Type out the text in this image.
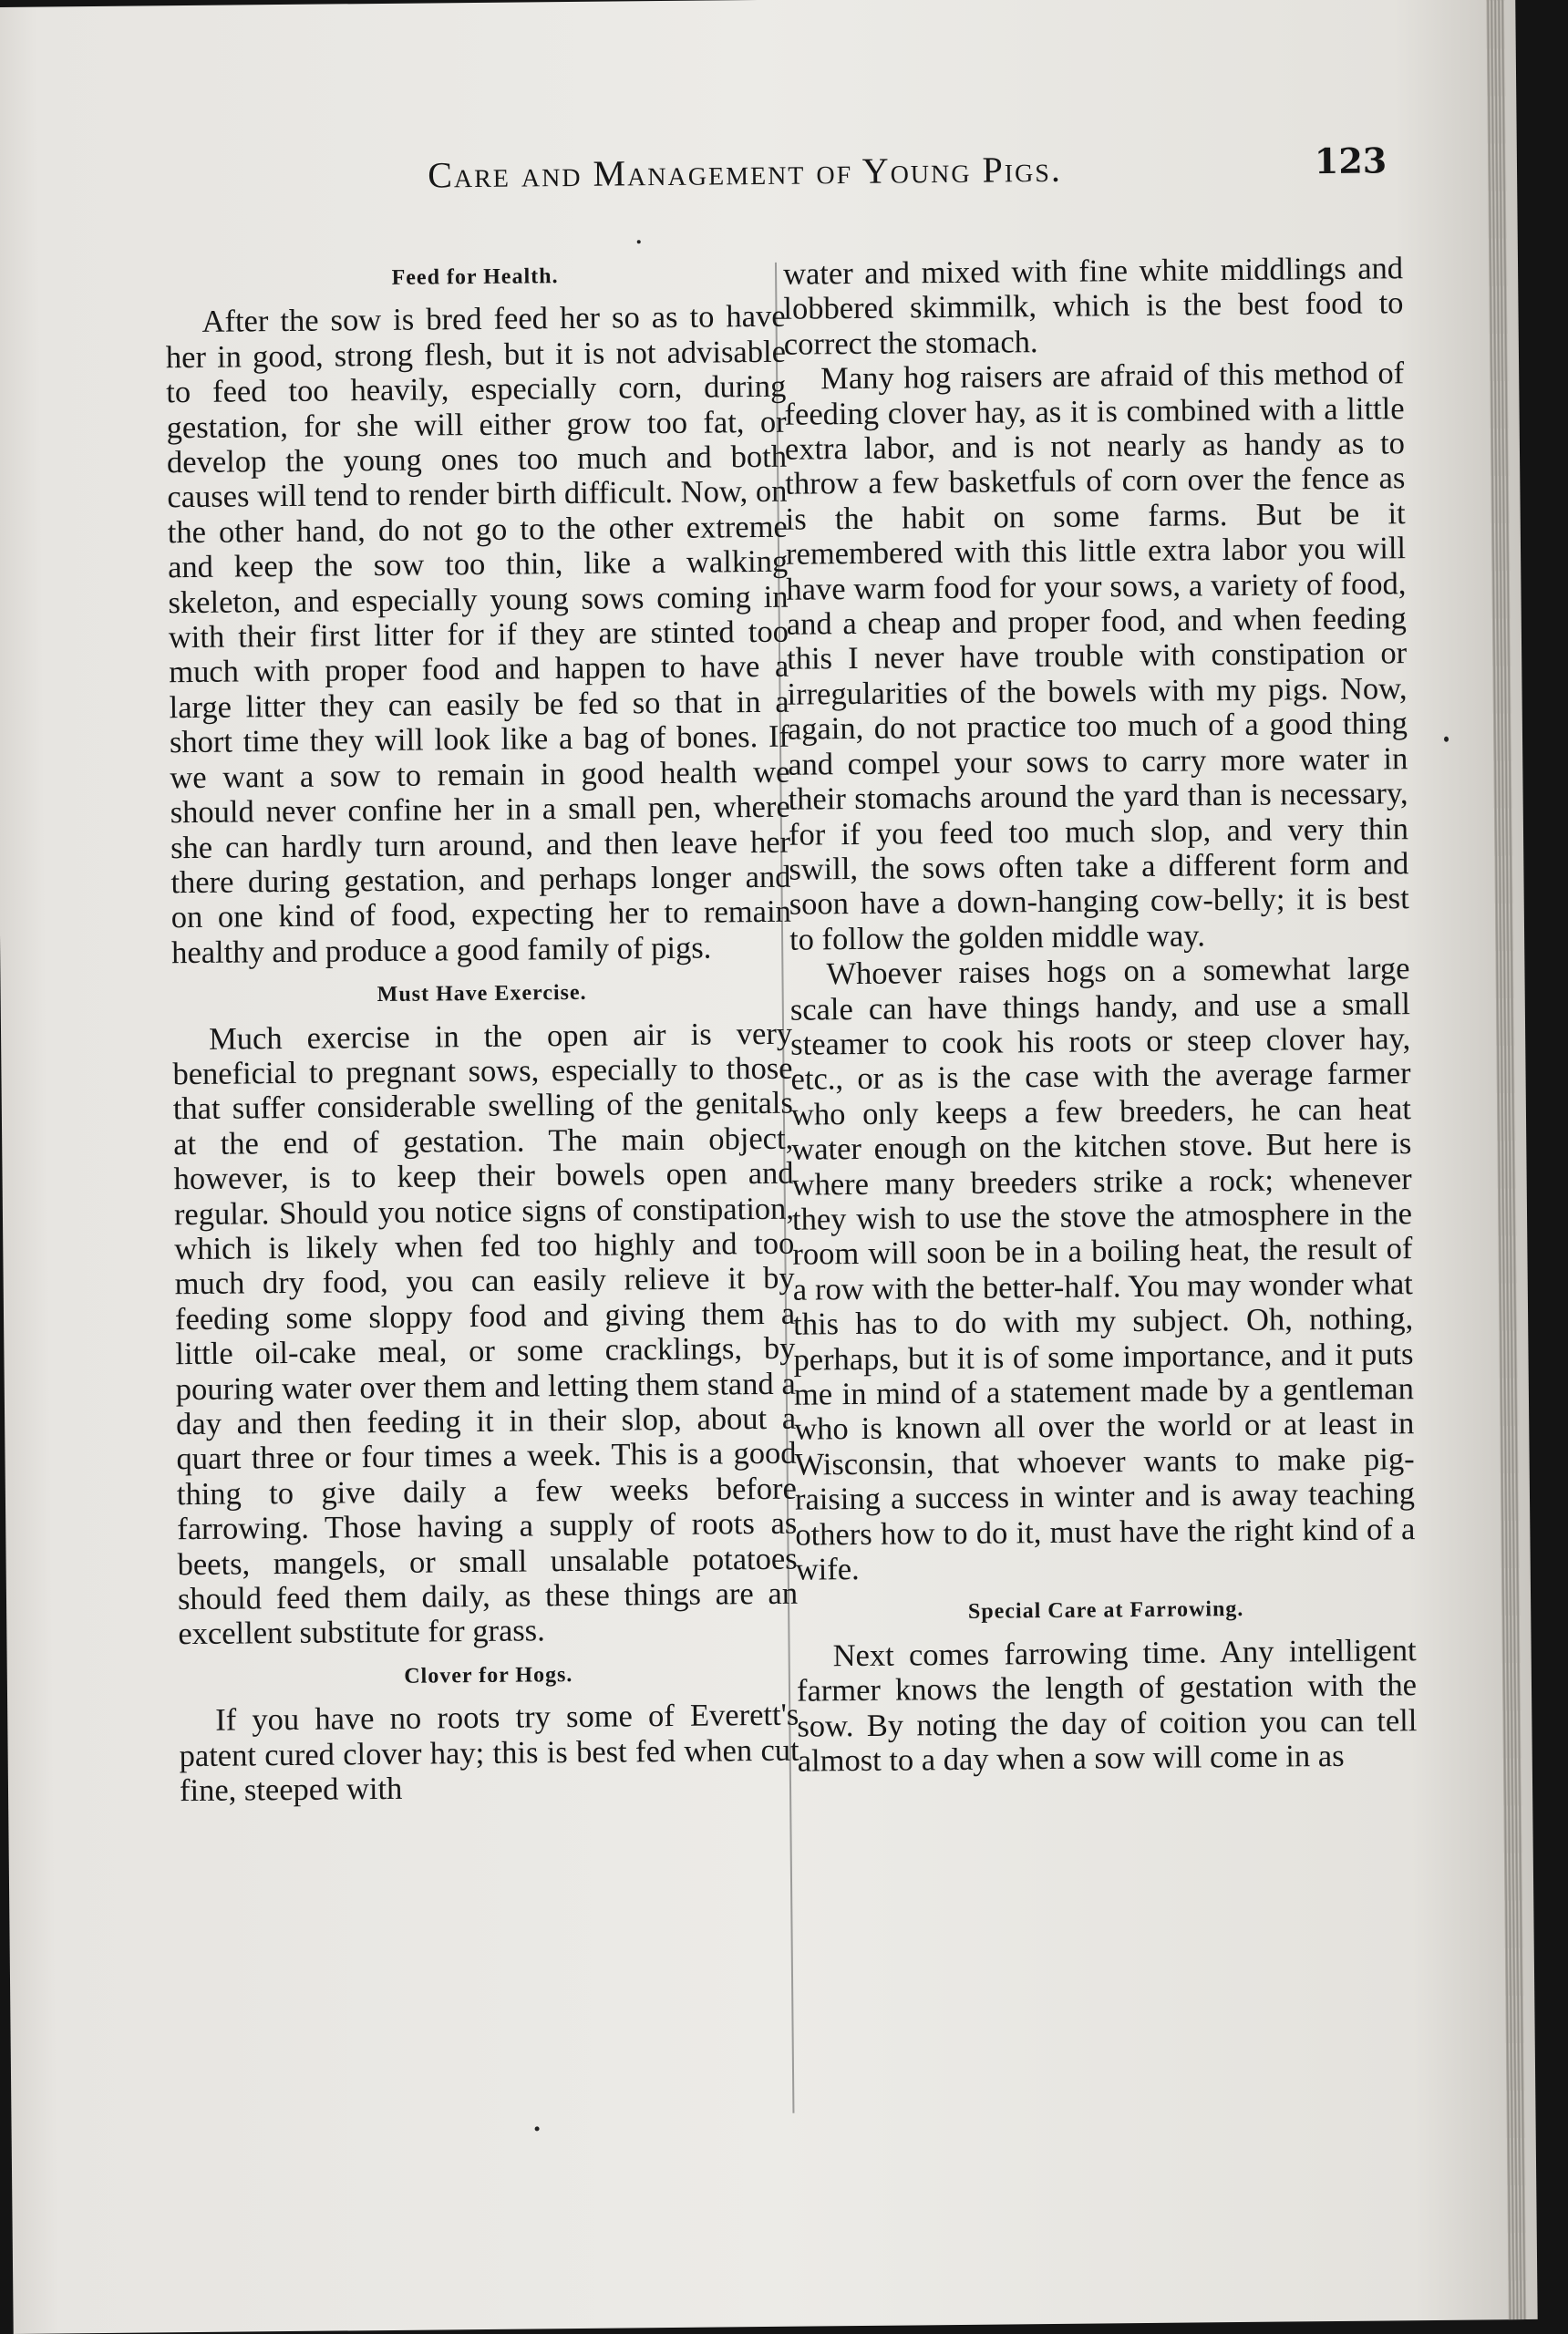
Care and Management of Young Pigs.	123
Feed for Health.

After the sow is bred feed her so as to have her in good, strong flesh, but it is not advisable to feed too heavily, especially corn, during gestation, for she will either grow too fat, or develop the young ones too much and both causes will tend to render birth difficult. Now, on the other hand, do not go to the other extreme and keep the sow too thin, like a walking skeleton, and especially young sows coming in with their first litter for if they are stinted too much with proper food and happen to have a large litter they can easily be fed so that in a short time they will look like a bag of bones. If we want a sow to remain in good health we should never confine her in a small pen, where she can hardly turn around, and then leave her there during gestation, and perhaps longer and on one kind of food, expecting her to remain healthy and produce a good family of pigs.

Must Have Exercise.

Much exercise in the open air is very beneficial to pregnant sows, especially to those that suffer considerable swelling of the genitals at the end of gestation. The main object, however, is to keep their bowels open and regular. Should you notice signs of constipation, which is likely when fed too highly and too much dry food, you can easily relieve it by feeding some sloppy food and giving them a little oil-cake meal, or some cracklings, by pouring water over them and letting them stand a day and then feeding it in their slop, about a quart three or four times a week. This is a good thing to give daily a few weeks before farrowing. Those having a supply of roots as beets, mangels, or small unsalable potatoes should feed them daily, as these things are an excellent substitute for grass.

Clover for Hogs.

If you have no roots try some of Everett's patent cured clover hay; this is best fed when cut fine, steeped with

water and mixed with fine white middlings and lobbered skimmilk, which is the best food to correct the stomach.

Many hog raisers are afraid of this method of feeding clover hay, as it is combined with a little extra labor, and is not nearly as handy as to throw a few basketfuls of corn over the fence as is the habit on some farms. But be it remembered with this little extra labor you will have warm food for your sows, a variety of food, and a cheap and proper food, and when feeding this I never have trouble with constipation or irregularities of the bowels with my pigs. Now, again, do not practice too much of a good thing and compel your sows to carry more water in their stomachs around the yard than is necessary, for if you feed too much slop, and very thin swill, the sows often take a different form and soon have a down-hanging cow-belly; it is best to follow the golden middle way.

Whoever raises hogs on a somewhat large scale can have things handy, and use a small steamer to cook his roots or steep clover hay, etc., or as is the case with the average farmer who only keeps a few breeders, he can heat water enough on the kitchen stove. But here is where many breeders strike a rock; whenever they wish to use the stove the atmosphere in the room will soon be in a boiling heat, the result of a row with the better-half. You may wonder what this has to do with my subject. Oh, nothing, perhaps, but it is of some importance, and it puts me in mind of a statement made by a gentleman who is known all over the world or at least in Wisconsin, that whoever wants to make pig-raising a success in winter and is away teaching others how to do it, must have the right kind of a wife.

Special Care at Farrowing.

Next comes farrowing time. Any intelligent farmer knows the length of gestation with the sow. By noting the day of coition you can tell almost to a day when a sow will come in as
